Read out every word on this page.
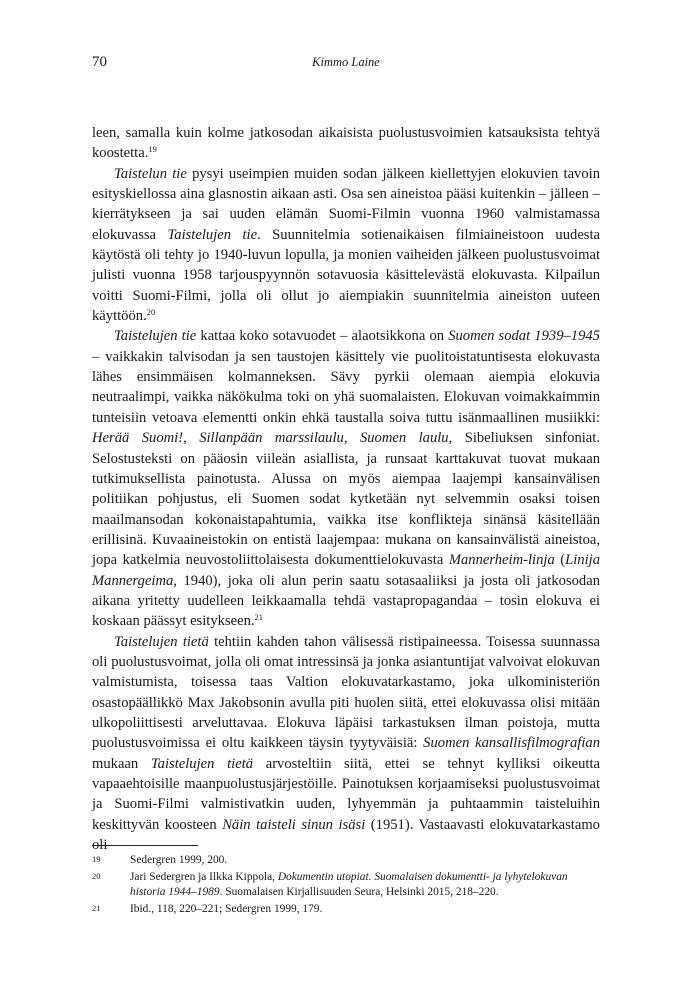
70	Kimmo Laine

leen, samalla kuin kolme jatkosodan aikaisista puolustusvoimien katsauksista tehtyä koostetta.$^{19}$

Taistelun tie pysyi useimpien muiden sodan jälkeen kiellettyjen elokuvien tavoin esityskiellossa aina glasnostin aikaan asti. Osa sen aineistoa pääsi kuitenkin – jälleen – kierrätykseen ja sai uuden elämän Suomi-Filmin vuonna 1960 valmistamassa elokuvassa Taistelujen tie. Suunnitelmia sotienaikaisen filmiaineistoon uudesta käytöstä oli tehty jo 1940-luvun lopulla, ja monien vaiheiden jälkeen puolustusvoimat julisti vuonna 1958 tarjouspyynnön sotavuosia käsittelevästä elokuvasta. Kilpailun voitti Suomi-Filmi, jolla oli ollut jo aiempiakin suunnitelmia aineiston uuteen käyttöön.$^{20}$

Taistelujen tie kattaa koko sotavuodet – alaotsikkona on Suomen sodat 1939–1945 – vaikkakin talvisodan ja sen taustojen käsittely vie puolitoistatuntisesta elokuvasta lähes ensimmäisen kolmanneksen. Sävy pyrkii olemaan aiempia elokuvia neutraalimpi, vaikka näkökulma toki on yhä suomalaisten. Elokuvan voimakkaimmin tunteisiin vetoava elementti onkin ehkä taustalla soiva tuttu isänmaallinen musiikki: Herää Suomi!, Sillanpään marssilaulu, Suomen laulu, Sibeliuksen sinfoniat. Selostusteksti on pääosin viileän asiallista, ja runsaat karttakuvat tuovat mukaan tutkimuksellista painotusta. Alussa on myös aiempaa laajempi kansainvälisen politiikan pohjustus, eli Suomen sodat kytketään nyt selvemmin osaksi toisen maailmansodan kokonaistapahtumia, vaikka itse konflikteja sinänsä käsitellään erillisinä. Kuvaaineistokin on entistä laajempaa: mukana on kansainvälistä aineistoa, jopa katkelmia neuvostoliittolaisesta dokumenttielokuvasta Mannerheim-linja (Linija Mannergeima, 1940), joka oli alun perin saatu sotasaaliiksi ja josta oli jatkosodan aikana yritetty uudelleen leikkaamalla tehdä vastapropagandaa – tosin elokuva ei koskaan päässyt esitykseen.$^{21}$

Taistelujen tietä tehtiin kahden tahon välisessä ristipaineessa. Toisessa suunnassa oli puolustusvoimat, jolla oli omat intressinsä ja jonka asiantuntijat valvoivat elokuvan valmistumista, toisessa taas Valtion elokuvatarkastamo, joka ulkoministeriön osastopäällikkö Max Jakobsonin avulla piti huolen siitä, ettei elokuvassa olisi mitään ulkopoliittisesti arveluttavaa. Elokuva läpäisi tarkastuksen ilman poistoja, mutta puolustusvoimissa ei oltu kaikkeen täysin tyytyväisiä: Suomen kansallisfilmografian mukaan Taistelujen tietä arvosteltiin siitä, ettei se tehnyt kylliksi oikeutta vapaaehtoisille maanpuolustusjärjestöille. Painotuksen korjaamiseksi puolustusvoimat ja Suomi-Filmi valmistivatkin uuden, lyhyemmän ja puhtaammin taisteluihin keskittyvän koosteen Näin taisteli sinun isäsi (1951). Vastaavasti elokuvatarkastamo oli

19	Sedergren 1999, 200.
20	Jari Sedergren ja Ilkka Kippola, Dokumentin utopiat. Suomalaisen dokumentti- ja lyhytelokuvan historia 1944–1989. Suomalaisen Kirjallisuuden Seura, Helsinki 2015, 218–220.
21	Ibid., 118, 220–221; Sedergren 1999, 179.
